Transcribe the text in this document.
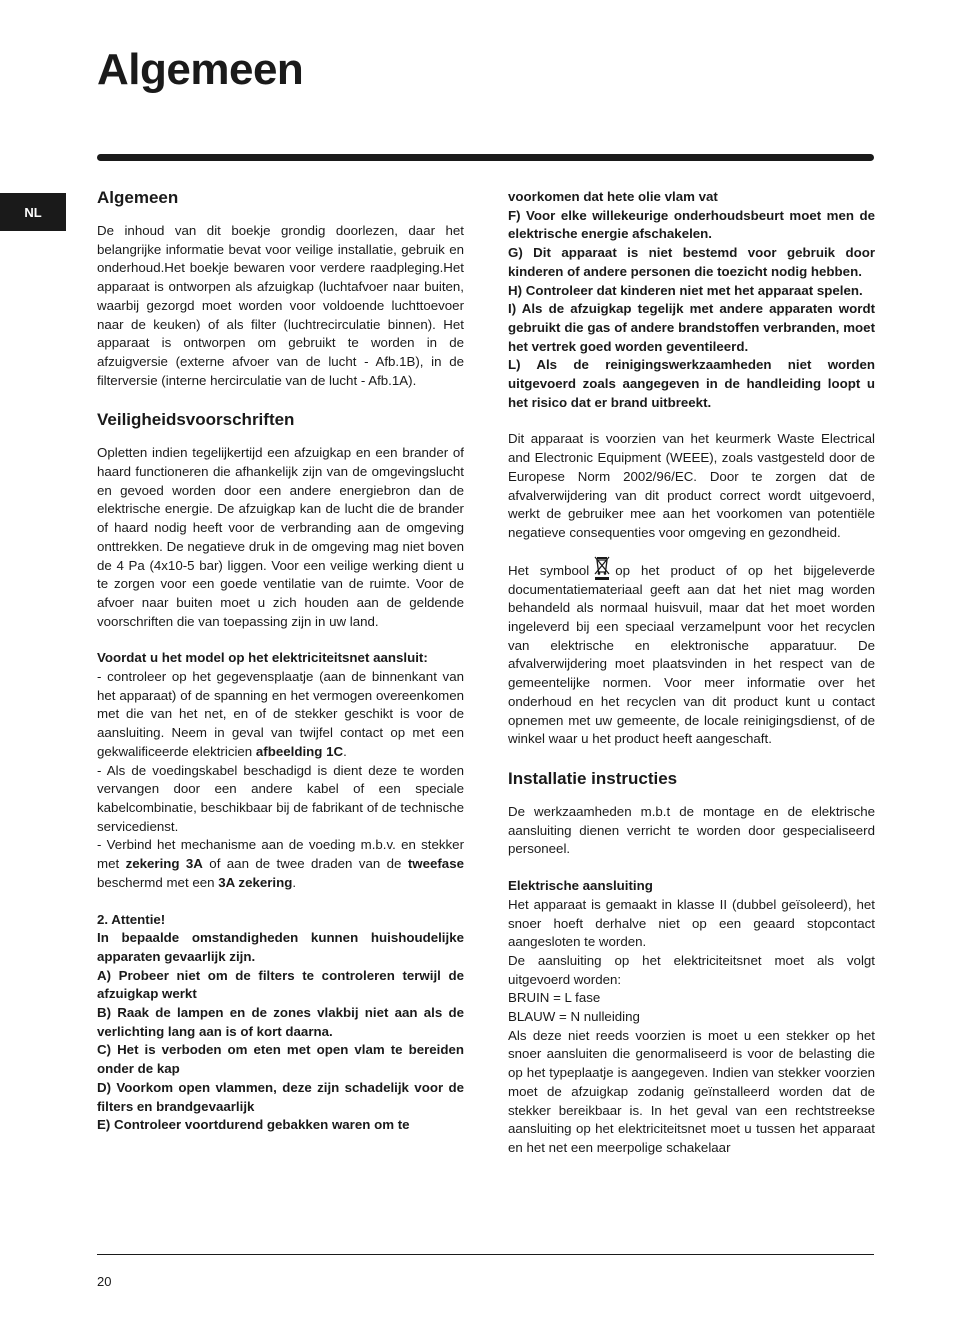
Algemeen
NL
Algemeen

De inhoud van dit boekje grondig doorlezen, daar het belangrijke informatie bevat voor veilige installatie, gebruik en onderhoud.Het boekje bewaren voor verdere raadpleging.Het apparaat is ontworpen als afzuigkap (luchtafvoer naar buiten, waarbij gezorgd moet worden voor voldoende luchttoevoer naar de keuken) of als filter (luchtrecirculatie binnen). Het apparaat is ontworpen om gebruikt te worden in de afzuigversie (externe afvoer van de lucht - Afb.1B), in de filterversie (interne hercirculatie van de lucht - Afb.1A).

Veiligheidsvoorschriften

Opletten indien tegelijkertijd een afzuigkap en een brander of haard functioneren die afhankelijk zijn van de omgevingslucht en gevoed worden door een andere energiebron dan de elektrische energie. De afzuigkap kan de lucht die de brander of haard nodig heeft voor de verbranding aan de omgeving onttrekken. De negatieve druk in de omgeving mag niet boven de 4 Pa (4x10-5 bar) liggen. Voor een veilige werking dient u te zorgen voor een goede ventilatie van de ruimte. Voor de afvoer naar buiten moet u zich houden aan de geldende voorschriften die van toepassing zijn in uw land.

Voordat u het model op het elektriciteitsnet aansluit:

- controleer op het gegevensplaatje (aan de binnenkant van het apparaat) of de spanning en het vermogen overeenkomen met die van het net, en of de stekker geschikt is voor de aansluiting. Neem in geval van twijfel contact op met een gekwalificeerde elektricien afbeelding 1C.

- Als de voedingskabel beschadigd is dient deze te worden vervangen door een andere kabel of een speciale kabelcombinatie, beschikbaar bij de fabrikant of de technische servicedienst.

- Verbind het mechanisme aan de voeding m.b.v. en stekker met zekering 3A of aan de twee draden van de tweefase beschermd met een 3A zekering.

2. Attentie!

In bepaalde omstandigheden kunnen huishoudelijke apparaten gevaarlijk zijn.

A) Probeer niet om de filters te controleren terwijl de afzuigkap werkt

B) Raak de lampen en de zones vlakbij niet aan als de verlichting lang aan is of kort daarna.

C) Het is verboden om eten met open vlam te bereiden onder de kap

D) Voorkom open vlammen, deze zijn schadelijk voor de filters en brandgevaarlijk

E) Controleer voortdurend gebakken waren om te

voorkomen dat hete olie vlam vat

F) Voor elke willekeurige onderhoudsbeurt moet men de elektrische energie afschakelen.

G) Dit apparaat is niet bestemd voor gebruik door kinderen of andere personen die toezicht nodig hebben.

H) Controleer dat kinderen niet met het apparaat spelen.

I) Als de afzuigkap tegelijk met andere apparaten wordt gebruikt die gas of andere brandstoffen verbranden, moet het vertrek goed worden geventileerd.

L) Als de reinigingswerkzaamheden niet worden uitgevoerd zoals aangegeven in de handleiding loopt u het risico dat er brand uitbreekt.

Dit apparaat is voorzien van het keurmerk Waste Electrical and Electronic Equipment (WEEE), zoals vastgesteld door de Europese Norm 2002/96/EC. Door te zorgen dat de afvalverwijdering van dit product correct wordt uitgevoerd, werkt de gebruiker mee aan het voorkomen van potentiële negatieve consequenties voor omgeving en gezondheid.

Het symbool op het product of op het bijgeleverde documentatiemateriaal geeft aan dat het niet mag worden behandeld als normaal huisvuil, maar dat het moet worden ingeleverd bij een speciaal verzamelpunt voor het recyclen van elektrische en elektronische apparatuur. De afvalverwijdering moet plaatsvinden in het respect van de gemeentelijke normen. Voor meer informatie over het onderhoud en het recyclen van dit product kunt u contact opnemen met uw gemeente, de locale reinigingsdienst, of de winkel waar u het product heeft aangeschaft.

Installatie instructies

De werkzaamheden m.b.t de montage en de elektrische aansluiting dienen verricht te worden door gespecialiseerd personeel.

Elektrische aansluiting

Het apparaat is gemaakt in klasse II (dubbel geïsoleerd), het snoer hoeft derhalve niet op een geaard stopcontact aangesloten te worden.

De aansluiting op het elektriciteitsnet moet als volgt uitgevoerd worden:

BRUIN = L fase

BLAUW = N nulleiding

Als deze niet reeds voorzien is moet u een stekker op het snoer aansluiten die genormaliseerd is voor de belasting die op het typeplaatje is aangegeven. Indien van stekker voorzien moet de afzuigkap zodanig geïnstalleerd worden dat de stekker bereikbaar is. In het geval van een rechtstreekse aansluiting op het elektriciteitsnet moet u tussen het apparaat en het net een meerpolige schakelaar

20
